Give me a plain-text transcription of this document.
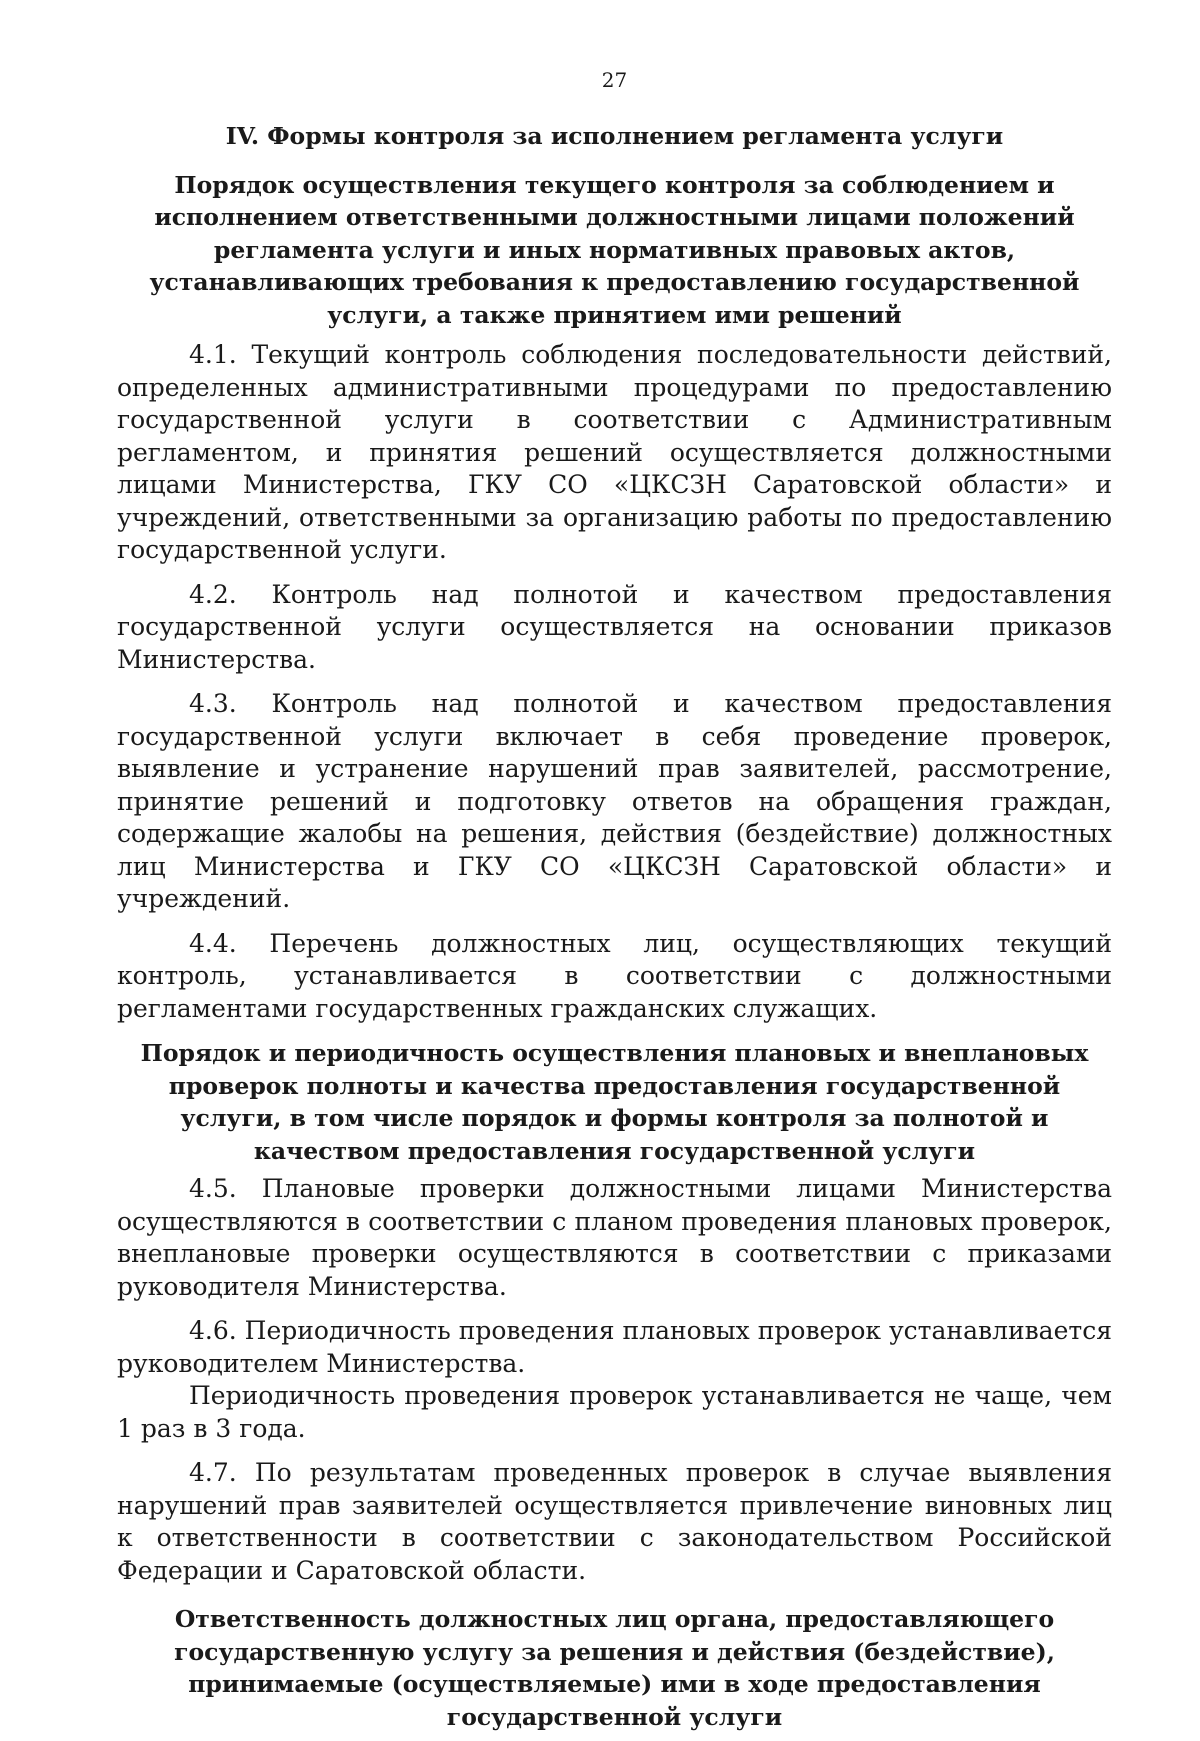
27
IV. Формы контроля за исполнением регламента услуги
Порядок осуществления текущего контроля за соблюдением и исполнением ответственными должностными лицами положений регламента услуги и иных нормативных правовых актов, устанавливающих требования к предоставлению государственной услуги, а также принятием ими решений

4.1. Текущий контроль соблюдения последовательности действий, определенных административными процедурами по предоставлению государственной услуги в соответствии с Административным регламентом, и принятия решений осуществляется должностными лицами Министерства, ГКУ СО «ЦКСЗН Саратовской области» и учреждений, ответственными за организацию работы по предоставлению государственной услуги.

4.2. Контроль над полнотой и качеством предоставления государственной услуги осуществляется на основании приказов Министерства.

4.3. Контроль над полнотой и качеством предоставления государственной услуги включает в себя проведение проверок, выявление и устранение нарушений прав заявителей, рассмотрение, принятие решений и подготовку ответов на обращения граждан, содержащие жалобы на решения, действия (бездействие) должностных лиц Министерства и ГКУ СО «ЦКСЗН Саратовской области» и учреждений.

4.4. Перечень должностных лиц, осуществляющих текущий контроль, устанавливается в соответствии с должностными регламентами государственных гражданских служащих.

Порядок и периодичность осуществления плановых и внеплановых проверок полноты и качества предоставления государственной услуги, в том числе порядок и формы контроля за полнотой и качеством предоставления государственной услуги

4.5. Плановые проверки должностными лицами Министерства осуществляются в соответствии с планом проведения плановых проверок, внеплановые проверки осуществляются в соответствии с приказами руководителя Министерства.

4.6. Периодичность проведения плановых проверок устанавливается руководителем Министерства.

Периодичность проведения проверок устанавливается не чаще, чем 1 раз в 3 года.

4.7. По результатам проведенных проверок в случае выявления нарушений прав заявителей осуществляется привлечение виновных лиц к ответственности в соответствии с законодательством Российской Федерации и Саратовской области.

Ответственность должностных лиц органа, предоставляющего государственную услугу за решения и действия (бездействие), принимаемые (осуществляемые) ими в ходе предоставления государственной услуги
